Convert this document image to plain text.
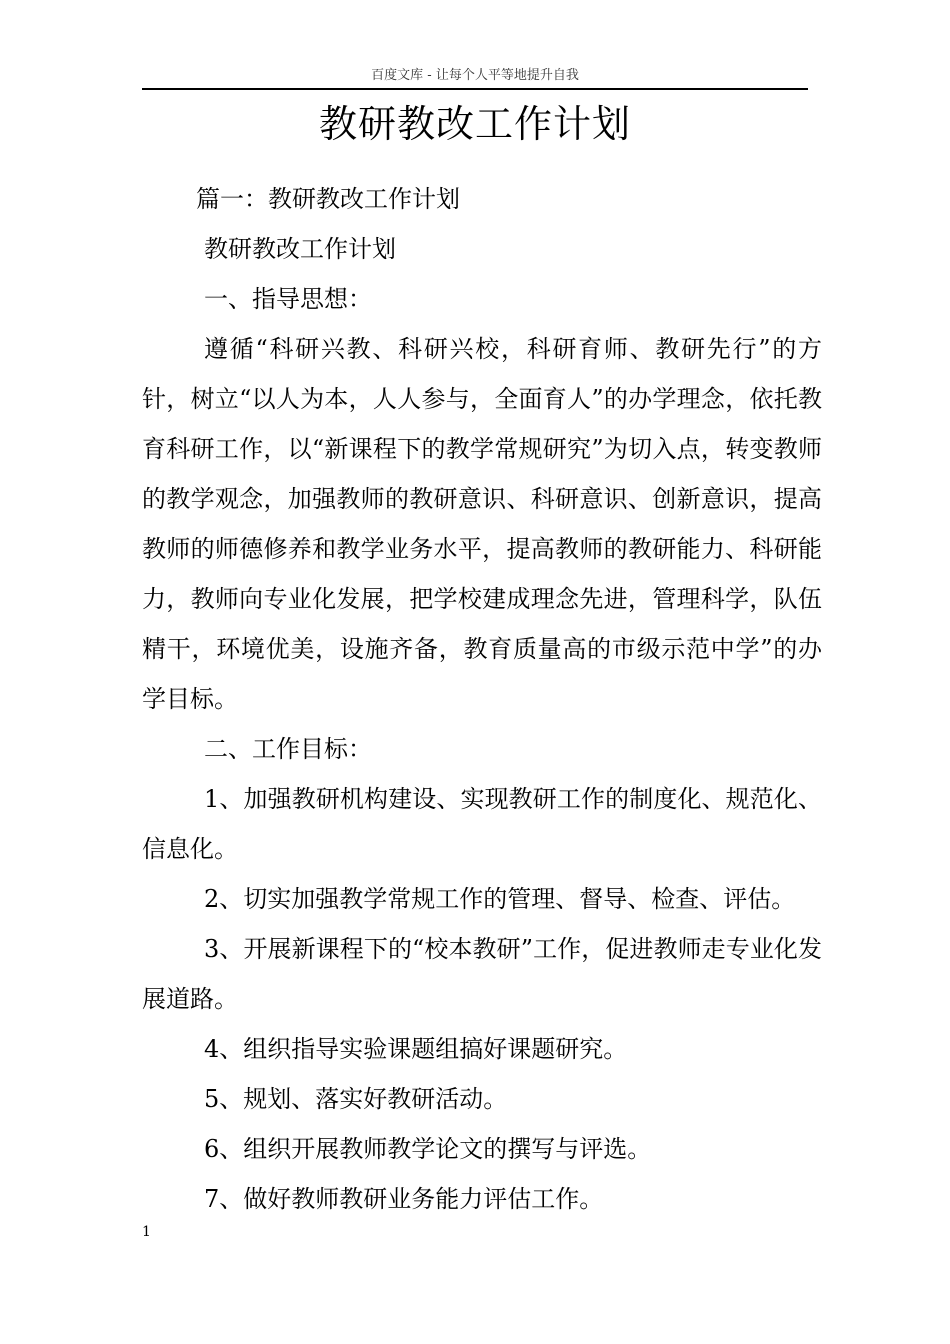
百度文库 - 让每个人平等地提升自我
教研教改工作计划

篇一：教研教改工作计划

教研教改工作计划

一、指导思想：

遵循“科研兴教、科研兴校，科研育师、教研先行”的方针，树立“以人为本，人人参与，全面育人”的办学理念，依托教育科研工作，以“新课程下的教学常规研究”为切入点，转变教师的教学观念，加强教师的教研意识、科研意识、创新意识，提高教师的师德修养和教学业务水平，提高教师的教研能力、科研能力，教师向专业化发展，把学校建成理念先进，管理科学，队伍精干，环境优美，设施齐备，教育质量高的市级示范中学”的办学目标。

二、工作目标：

1、加强教研机构建设、实现教研工作的制度化、规范化、信息化。

2、切实加强教学常规工作的管理、督导、检查、评估。

3、开展新课程下的“校本教研”工作，促进教师走专业化发展道路。

4、组织指导实验课题组搞好课题研究。

5、规划、落实好教研活动。

6、组织开展教师教学论文的撰写与评选。

7、做好教师教研业务能力评估工作。

1
